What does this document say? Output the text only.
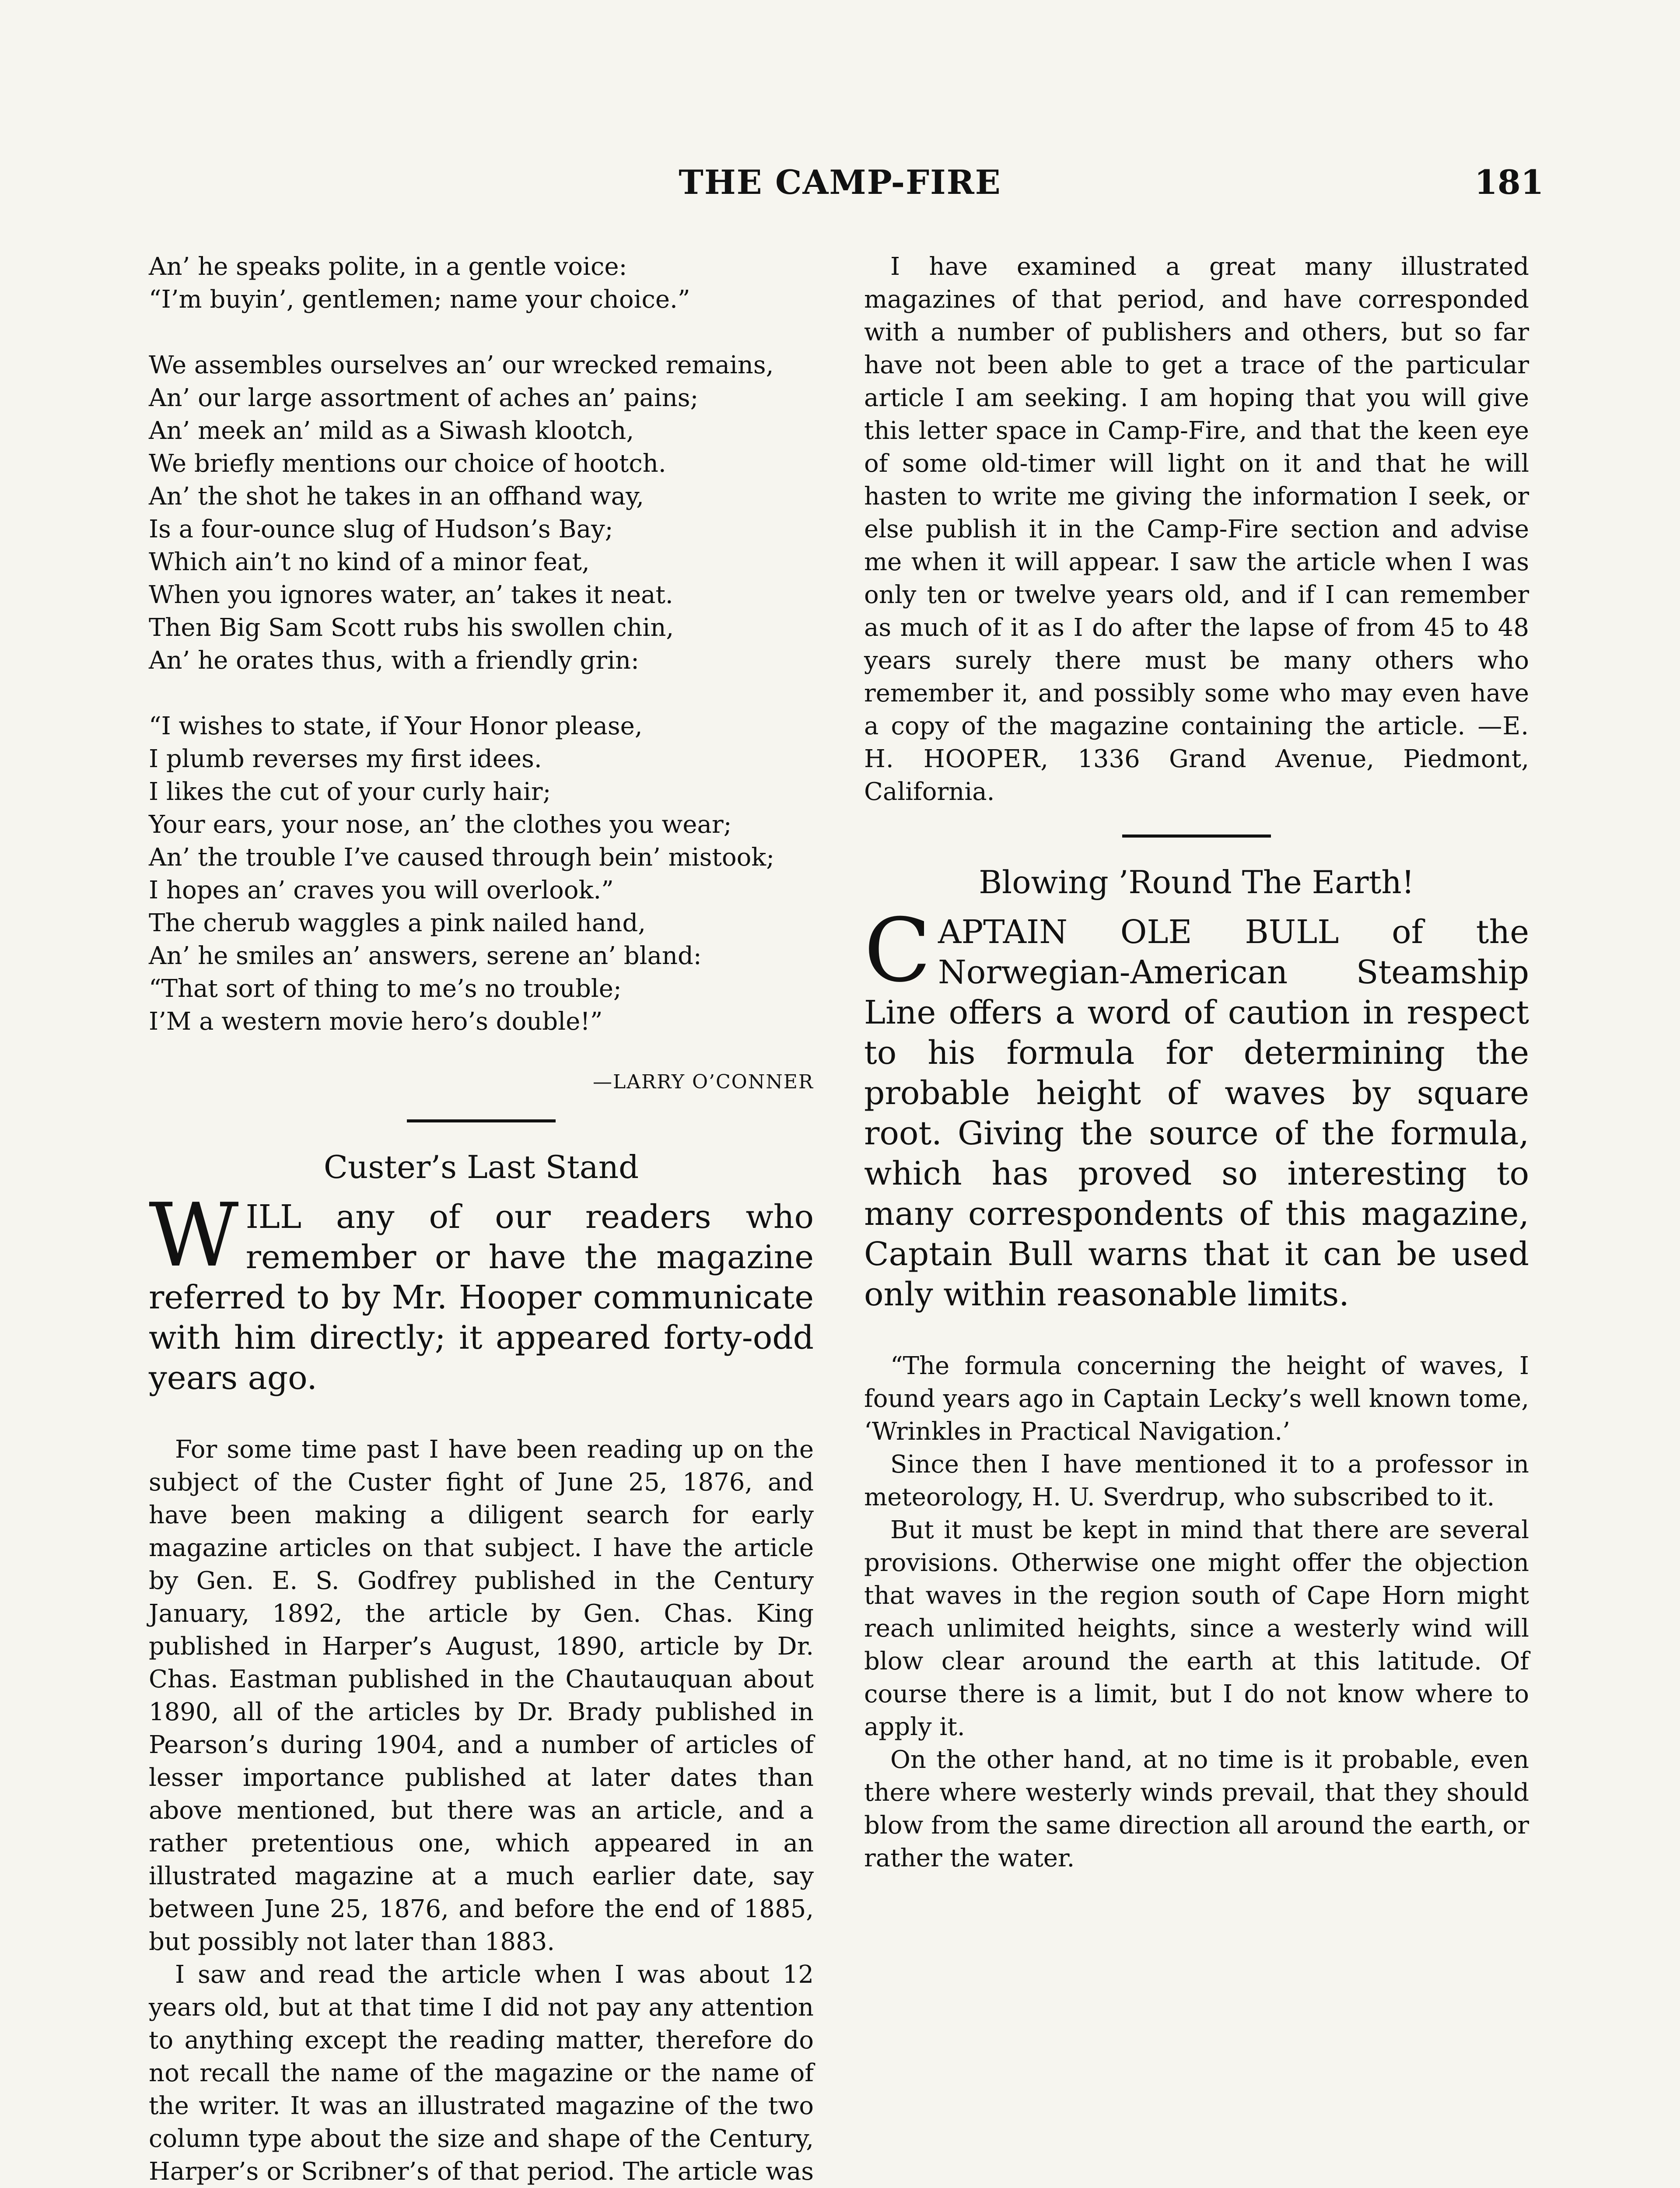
THE CAMP-FIRE	181

An’ he speaks polite, in a gentle voice:

“I’m buyin’, gentlemen; name your choice.”

We assembles ourselves an’ our wrecked remains,

An’ our large assortment of aches an’ pains;

An’ meek an’ mild as a Siwash klootch,

We briefly mentions our choice of hootch.

An’ the shot he takes in an offhand way,

Is a four-ounce slug of Hudson’s Bay;

Which ain’t no kind of a minor feat,

When you ignores water, an’ takes it neat.

Then Big Sam Scott rubs his swollen chin,

An’ he orates thus, with a friendly grin:

“I wishes to state, if Your Honor please,

I plumb reverses my first idees.

I likes the cut of your curly hair;

Your ears, your nose, an’ the clothes you wear;

An’ the trouble I’ve caused through bein’ mistook;

I hopes an’ craves you will overlook.”

The cherub waggles a pink nailed hand,

An’ he smiles an’ answers, serene an’ bland:

“That sort of thing to me’s no trouble;

I’M a western movie hero’s double!”

—LARRY O’CONNER
Custer’s Last Stand
WILL any of our readers who remember or have the magazine referred to by Mr. Hooper communicate with him directly; it appeared forty-odd years ago.

For some time past I have been reading up on the subject of the Custer fight of June 25, 1876, and have been making a diligent search for early magazine articles on that subject. I have the article by Gen. E. S. Godfrey published in the Century January, 1892, the article by Gen. Chas. King published in Harper’s August, 1890, article by Dr. Chas. Eastman published in the Chautauquan about 1890, all of the articles by Dr. Brady published in Pearson’s during 1904, and a number of articles of lesser importance published at later dates than above mentioned, but there was an article, and a rather pretentious one, which appeared in an illustrated magazine at a much earlier date, say between June 25, 1876, and before the end of 1885, but possibly not later than 1883.

I saw and read the article when I was about 12 years old, but at that time I did not pay any attention to anything except the reading matter, therefore do not recall the name of the magazine or the name of the writer. It was an illustrated magazine of the two column type about the size and shape of the Century, Harper’s or Scribner’s of that period. The article was

I have examined a great many illustrated magazines of that period, and have corresponded with a number of publishers and others, but so far have not been able to get a trace of the particular article I am seeking. I am hoping that you will give this letter space in Camp-Fire, and that the keen eye of some old-timer will light on it and that he will hasten to write me giving the information I seek, or else publish it in the Camp-Fire section and advise me when it will appear. I saw the article when I was only ten or twelve years old, and if I can remember as much of it as I do after the lapse of from 45 to 48 years surely there must be many others who remember it, and possibly some who may even have a copy of the magazine containing the article. —E. H. HOOPER, 1336 Grand Avenue, Piedmont, California.

Blowing ’Round The Earth!
CAPTAIN OLE BULL of the Norwegian-American Steamship Line offers a word of caution in respect to his formula for determining the probable height of waves by square root. Giving the source of the formula, which has proved so interesting to many correspondents of this magazine, Captain Bull warns that it can be used only within reasonable limits.

“The formula concerning the height of waves, I found years ago in Captain Lecky’s well known tome, ‘Wrinkles in Practical Navigation.’

Since then I have mentioned it to a professor in meteorology, H. U. Sverdrup, who subscribed to it.

But it must be kept in mind that there are several provisions. Otherwise one might offer the objection that waves in the region south of Cape Horn might reach unlimited heights, since a westerly wind will blow clear around the earth at this latitude. Of course there is a limit, but I do not know where to apply it.

On the other hand, at no time is it probable, even there where westerly winds prevail, that they should blow from the same direction all around the earth, or rather the water.
